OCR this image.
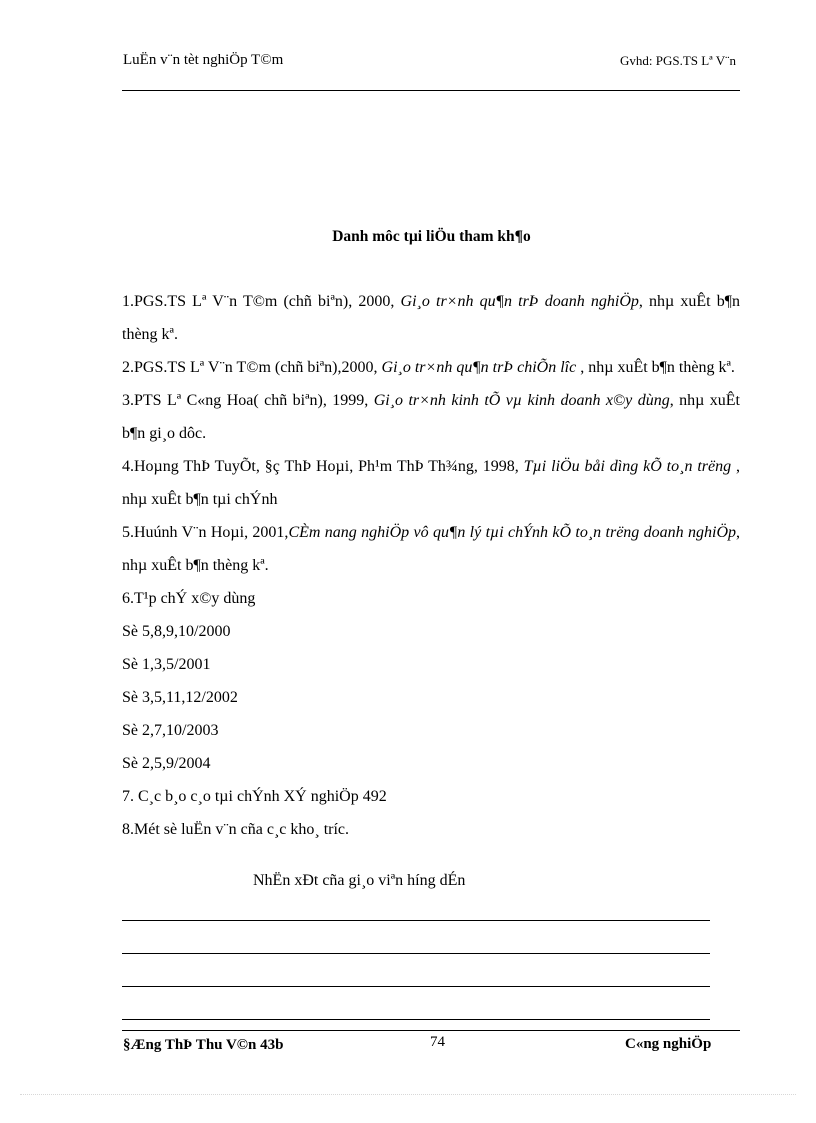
LuËn v¨n tèt nghiÖp T©m	Gvhd: PGS.TS Lª V¨n
Danh môc tµi liÖu tham kh¶o

1.PGS.TS Lª V¨n T©m (chñ biªn), 2000, Gi¸o tr×nh qu¶n trÞ doanh nghiÖp, nhµ xuÊt b¶n thèng kª.

2.PGS.TS Lª V¨n T©m (chñ biªn),2000, Gi¸o tr×nh qu¶n trÞ chiÕn lîc , nhµ xuÊt b¶n thèng kª.

3.PTS Lª C«ng Hoa( chñ biªn), 1999, Gi¸o tr×nh kinh tÕ vµ kinh doanh x©y dùng, nhµ xuÊt b¶n gi¸o dôc.

4.Hoµng ThÞ TuyÕt, §ç ThÞ Hoµi, Ph¹m ThÞ Th¾ng, 1998, Tµi liÖu båi dìng kÕ to¸n trëng , nhµ xuÊt b¶n tµi chÝnh

5.Huúnh V¨n Hoµi, 2001,CÈm nang nghiÖp vô qu¶n lý tµi chÝnh kÕ to¸n trëng doanh nghiÖp, nhµ xuÊt b¶n thèng kª.

6.T¹p chÝ x©y dùng

Sè 5,8,9,10/2000

Sè 1,3,5/2001

Sè 3,5,11,12/2002

Sè 2,7,10/2003

Sè 2,5,9/2004

7. C¸c b¸o c¸o tµi chÝnh XÝ nghiÖp 492

8.Mét sè luËn v¨n cña c¸c kho¸ tríc.

NhËn xÐt cña gi¸o viªn híng dÉn
§Æng ThÞ Thu V©n 43b	74	C«ng nghiÖp
